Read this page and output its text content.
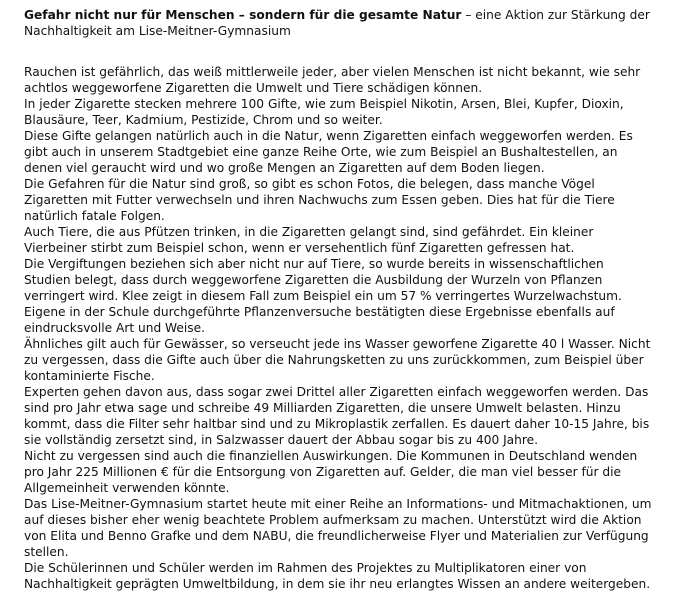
Gefahr nicht nur für Menschen – sondern für die gesamte Natur – eine Aktion zur Stärkung der Nachhaltigkeit am Lise-Meitner-Gymnasium

Rauchen ist gefährlich, das weiß mittlerweile jeder, aber vielen Menschen ist nicht bekannt, wie sehr achtlos weggeworfene Zigaretten die Umwelt und Tiere schädigen können.

In jeder Zigarette stecken mehrere 100 Gifte, wie zum Beispiel Nikotin, Arsen, Blei, Kupfer, Dioxin, Blausäure, Teer, Kadmium, Pestizide, Chrom und so weiter.

Diese Gifte gelangen natürlich auch in die Natur, wenn Zigaretten einfach weggeworfen werden. Es gibt auch in unserem Stadtgebiet eine ganze Reihe Orte, wie zum Beispiel an Bushaltestellen, an denen viel geraucht wird und wo große Mengen an Zigaretten auf dem Boden liegen.

Die Gefahren für die Natur sind groß, so gibt es schon Fotos, die belegen, dass manche Vögel Zigaretten mit Futter verwechseln und ihren Nachwuchs zum Essen geben. Dies hat für die Tiere natürlich fatale Folgen.

Auch Tiere, die aus Pfützen trinken, in die Zigaretten gelangt sind, sind gefährdet. Ein kleiner Vierbeiner stirbt zum Beispiel schon, wenn er versehentlich fünf Zigaretten gefressen hat.

Die Vergiftungen beziehen sich aber nicht nur auf Tiere, so wurde bereits in wissenschaftlichen Studien belegt, dass durch weggeworfene Zigaretten die Ausbildung der Wurzeln von Pflanzen verringert wird. Klee zeigt in diesem Fall zum Beispiel ein um 57 % verringertes Wurzelwachstum. Eigene in der Schule durchgeführte Pflanzenversuche bestätigten diese Ergebnisse ebenfalls auf eindrucksvolle Art und Weise.

Ähnliches gilt auch für Gewässer, so verseucht jede ins Wasser geworfene Zigarette 40 l Wasser. Nicht zu vergessen, dass die Gifte auch über die Nahrungsketten zu uns zurückkommen, zum Beispiel über kontaminierte Fische.

Experten gehen davon aus, dass sogar zwei Drittel aller Zigaretten einfach weggeworfen werden. Das sind pro Jahr etwa sage und schreibe 49 Milliarden Zigaretten, die unsere Umwelt belasten. Hinzu kommt, dass die Filter sehr haltbar sind und zu Mikroplastik zerfallen. Es dauert daher 10-15 Jahre, bis sie vollständig zersetzt sind, in Salzwasser dauert der Abbau sogar bis zu 400 Jahre.

Nicht zu vergessen sind auch die finanziellen Auswirkungen. Die Kommunen in Deutschland wenden pro Jahr 225 Millionen € für die Entsorgung von Zigaretten auf. Gelder, die man viel besser für die Allgemeinheit verwenden könnte.

Das Lise-Meitner-Gymnasium startet heute mit einer Reihe an Informations- und Mitmachaktionen, um auf dieses bisher eher wenig beachtete Problem aufmerksam zu machen. Unterstützt wird die Aktion von Elita und Benno Grafke und dem NABU, die freundlicherweise Flyer und Materialien zur Verfügung stellen.

Die Schülerinnen und Schüler werden im Rahmen des Projektes zu Multiplikatoren einer von Nachhaltigkeit geprägten Umweltbildung, in dem sie ihr neu erlangtes Wissen an andere weitergeben.
